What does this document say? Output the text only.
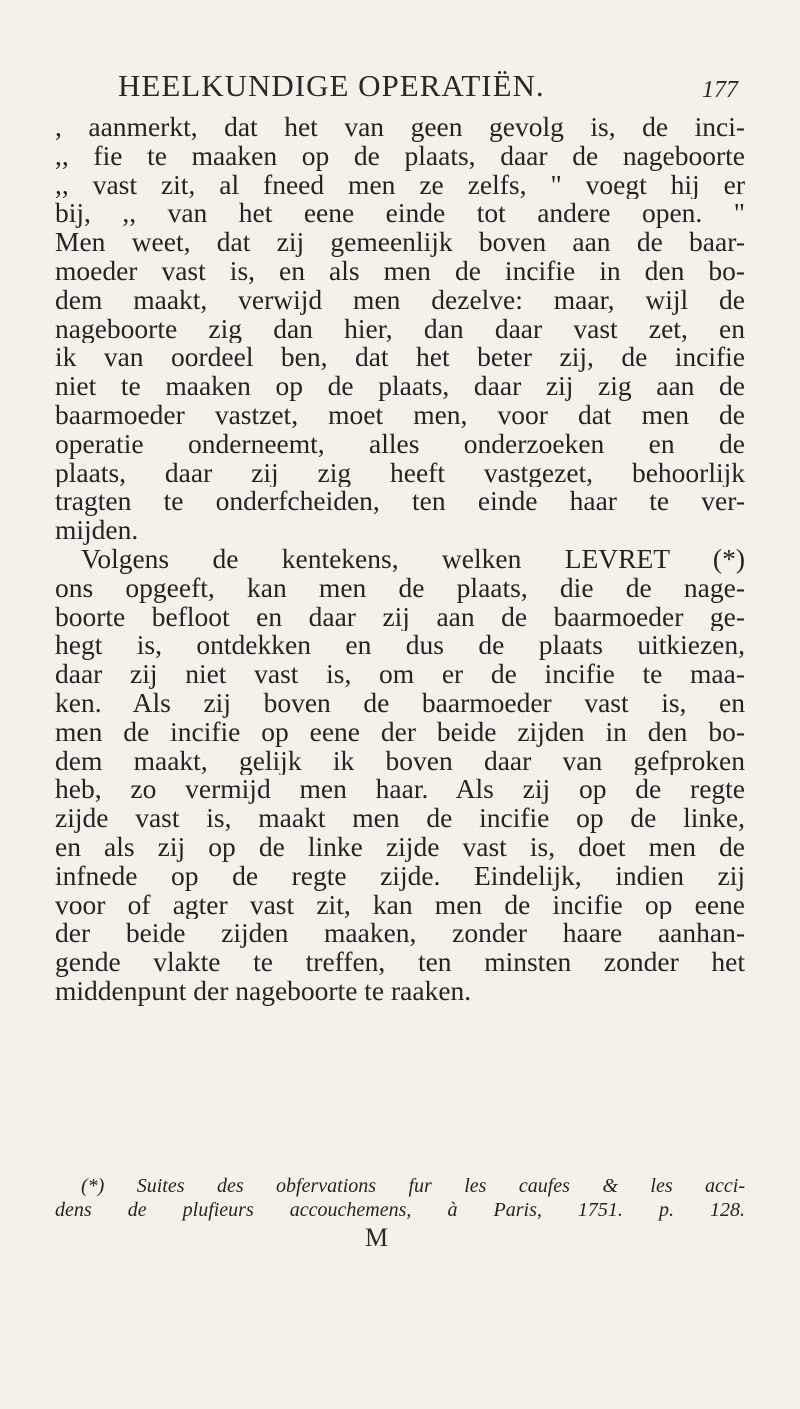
HEELKUNDIGE OPERATIËN.	177
, aanmerkt, dat het van geen gevolg is, de inci-
,, fie te maaken op de plaats, daar de nageboorte
,, vast zit, al fneed men ze zelfs, " voegt hij er
bij, ,, van het eene einde tot andere open. "
Men weet, dat zij gemeenlijk boven aan de baar-
moeder vast is, en als men de incifie in den bo-
dem maakt, verwijd men dezelve: maar, wijl de
nageboorte zig dan hier, dan daar vast zet, en
ik van oordeel ben, dat het beter zij, de incifie
niet te maaken op de plaats, daar zij zig aan de
baarmoeder vastzet, moet men, voor dat men de
operatie onderneemt, alles onderzoeken en de
plaats, daar zij zig heeft vastgezet, behoorlijk
tragten te onderfcheiden, ten einde haar te ver-
mijden.
Volgens de kentekens, welken LEVRET (*)
ons opgeeft, kan men de plaats, die de nage-
boorte befloot en daar zij aan de baarmoeder ge-
hegt is, ontdekken en dus de plaats uitkiezen,
daar zij niet vast is, om er de incifie te maa-
ken. Als zij boven de baarmoeder vast is, en
men de incifie op eene der beide zijden in den bo-
dem maakt, gelijk ik boven daar van gefproken
heb, zo vermijd men haar. Als zij op de regte
zijde vast is, maakt men de incifie op de linke,
en als zij op de linke zijde vast is, doet men de
infnede op de regte zijde. Eindelijk, indien zij
voor of agter vast zit, kan men de incifie op eene
der beide zijden maaken, zonder haare aanhan-
gende vlakte te treffen, ten minsten zonder het
middenpunt der nageboorte te raaken.
(*) Suites des obfervations fur les caufes & les acci-
dens de plufieurs accouchemens, à Paris, 1751. p. 128.
M
